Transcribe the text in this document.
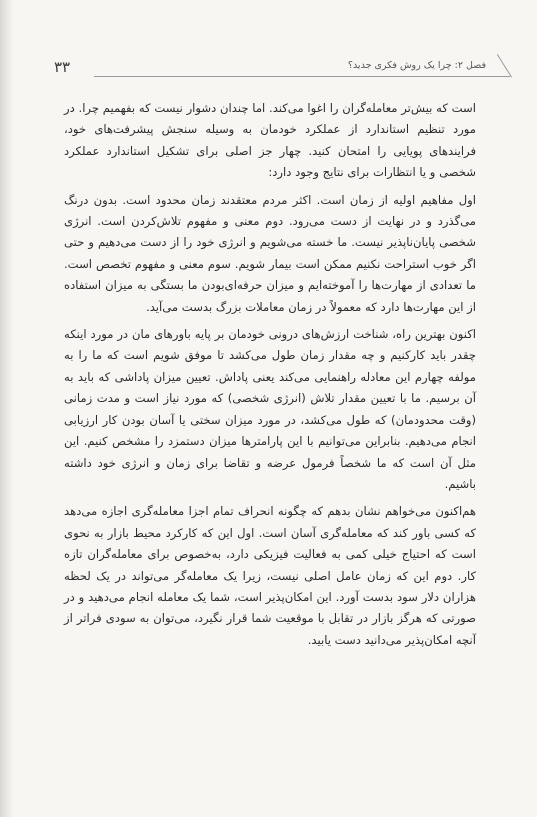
۳۳	فصل ۲: چرا یک روش فکری جدید؟

است که بیش‌تر معامله‌گران را اغوا می‌کند. اما چندان دشوار نیست که بفهمیم چرا. در مورد تنظیم استاندارد از عملکرد خودمان به وسیله سنجش پیشرفت‌های خود، فرایندهای پویایی را امتحان کنید. چهار جز اصلی برای تشکیل استاندارد عملکرد شخصی و یا انتظارات برای نتایج وجود دارد:

اول مفاهیم اولیه از زمان است. اکثر مردم معتقدند زمان محدود است. بدون درنگ می‌گذرد و در نهایت از دست می‌رود. دوم معنی و مفهوم تلاش‌کردن است. انرژی شخصی پایان‌ناپذیر نیست. ما خسته می‌شویم و انرژی خود را از دست می‌دهیم و حتی اگر خوب استراحت نکنیم ممکن است بیمار شویم. سوم معنی و مفهوم تخصص است. ما تعدادی از مهارت‌ها را آموخته‌ایم و میزان حرفه‌ای‌بودن ما بستگی به میزان استفاده از این مهارت‌ها دارد که معمولاً در زمان معاملات بزرگ بدست می‌آید.

اکنون بهترین راه، شناخت ارزش‌های درونی خودمان بر پایه باورهای مان در مورد اینکه چقدر باید کارکنیم و چه مقدار زمان طول می‌کشد تا موفق شویم است که ما را به مولفه چهارم این معادله راهنمایی می‌کند یعنی پاداش. تعیین میزان پاداشی که باید به آن برسیم. ما با تعیین مقدار تلاش (انرژی شخصی) که مورد نیاز است و مدت زمانی (وقت محدودمان) که طول می‌کشد، در مورد میزان سختی یا آسان بودن کار ارزیابی انجام می‌دهیم. بنابراین می‌توانیم با این پارامترها میزان دستمزد را مشخص کنیم. این مثل آن است که ما شخصاً فرمول عرضه و تقاضا برای زمان و انرژی خود داشته باشیم.

هم‌اکنون می‌خواهم نشان بدهم که چگونه انحراف تمام اجزا معامله‌گری اجازه می‌دهد که کسی باور کند که معامله‌گری آسان است. اول این که کارکرد محیط بازار به نحوی است که احتیاج خیلی کمی به فعالیت فیزیکی دارد، به‌خصوص برای معامله‌گران تازه کار. دوم این که زمان عامل اصلی نیست، زیرا یک معامله‌گر می‌تواند در یک لحظه هزاران دلار سود بدست آورد. این امکان‌پذیر است، شما یک معامله انجام می‌دهید و در صورتی که هرگز بازار در تقابل با موقعیت شما قرار نگیرد، می‌توان به سودی فراتر از آنچه امکان‌پذیر می‌دانید دست یابید.
